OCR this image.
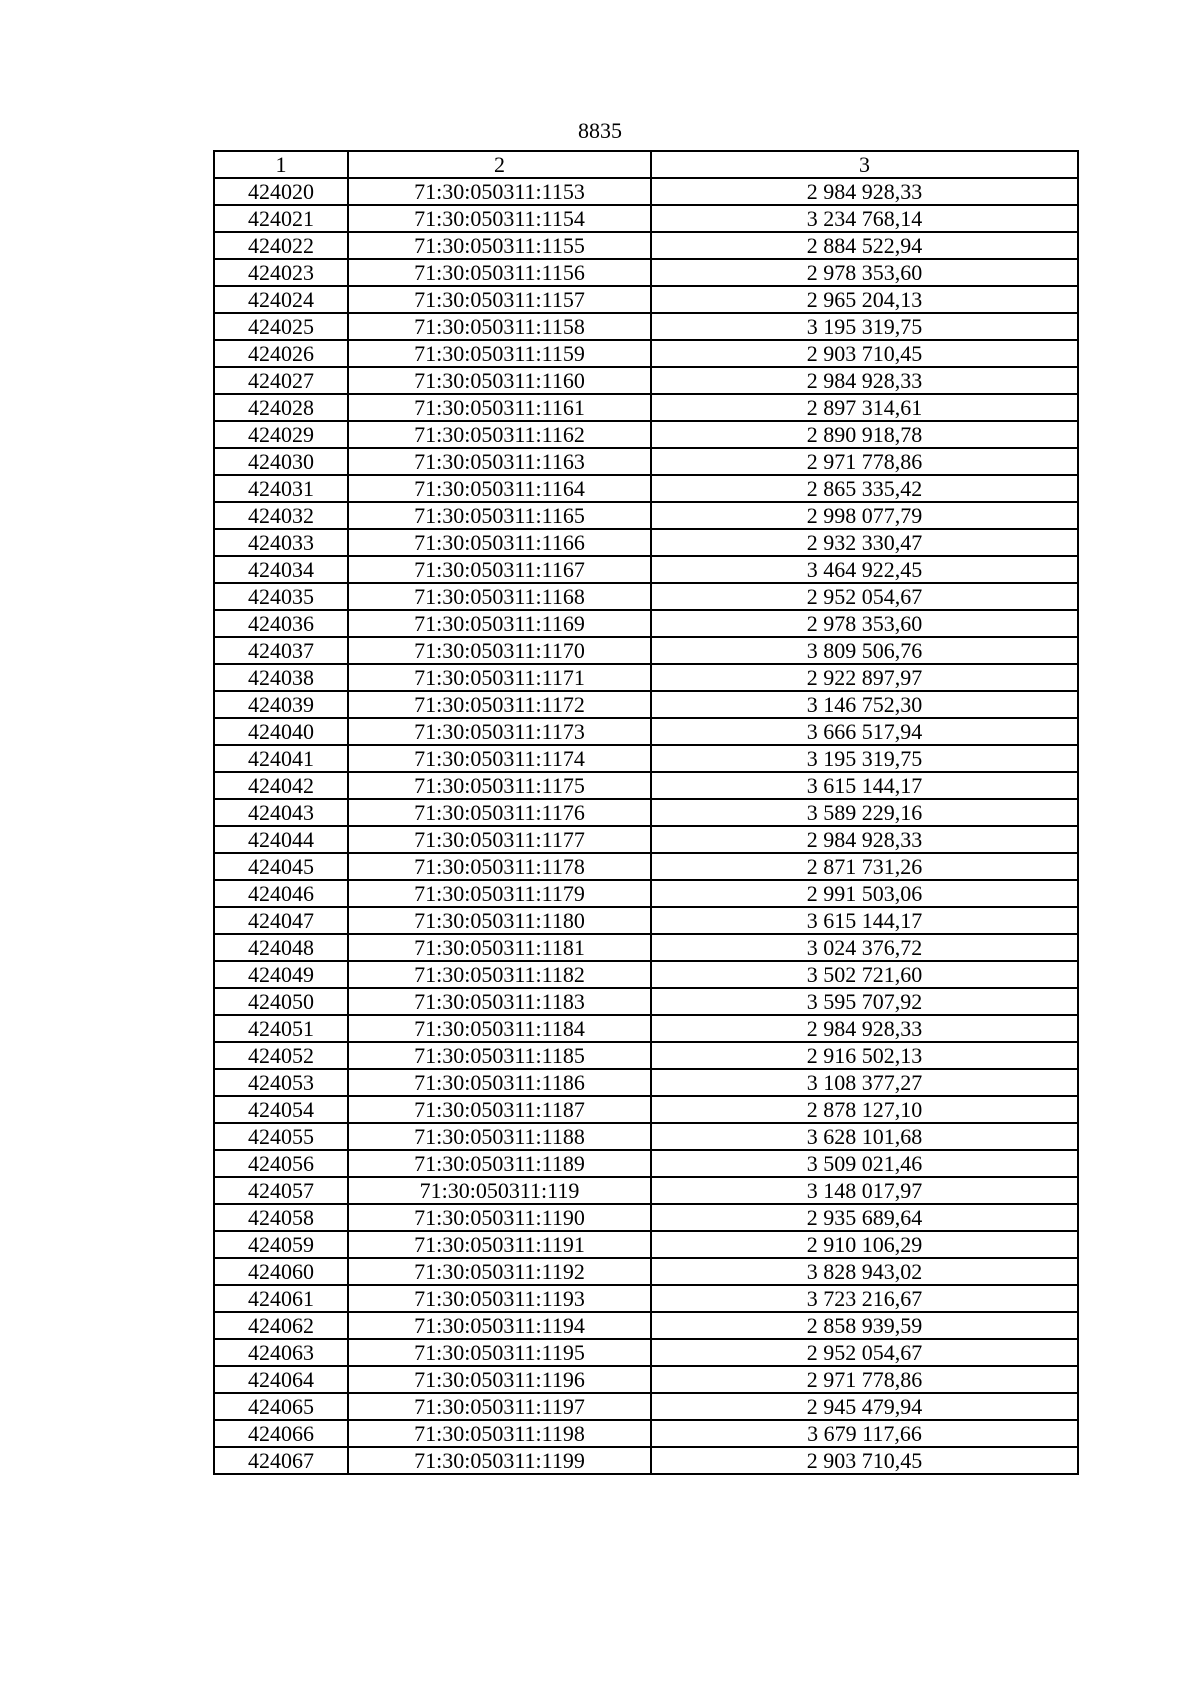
8835
1	2	3
424020	71:30:050311:1153	2 984 928,33
424021	71:30:050311:1154	3 234 768,14
424022	71:30:050311:1155	2 884 522,94
424023	71:30:050311:1156	2 978 353,60
424024	71:30:050311:1157	2 965 204,13
424025	71:30:050311:1158	3 195 319,75
424026	71:30:050311:1159	2 903 710,45
424027	71:30:050311:1160	2 984 928,33
424028	71:30:050311:1161	2 897 314,61
424029	71:30:050311:1162	2 890 918,78
424030	71:30:050311:1163	2 971 778,86
424031	71:30:050311:1164	2 865 335,42
424032	71:30:050311:1165	2 998 077,79
424033	71:30:050311:1166	2 932 330,47
424034	71:30:050311:1167	3 464 922,45
424035	71:30:050311:1168	2 952 054,67
424036	71:30:050311:1169	2 978 353,60
424037	71:30:050311:1170	3 809 506,76
424038	71:30:050311:1171	2 922 897,97
424039	71:30:050311:1172	3 146 752,30
424040	71:30:050311:1173	3 666 517,94
424041	71:30:050311:1174	3 195 319,75
424042	71:30:050311:1175	3 615 144,17
424043	71:30:050311:1176	3 589 229,16
424044	71:30:050311:1177	2 984 928,33
424045	71:30:050311:1178	2 871 731,26
424046	71:30:050311:1179	2 991 503,06
424047	71:30:050311:1180	3 615 144,17
424048	71:30:050311:1181	3 024 376,72
424049	71:30:050311:1182	3 502 721,60
424050	71:30:050311:1183	3 595 707,92
424051	71:30:050311:1184	2 984 928,33
424052	71:30:050311:1185	2 916 502,13
424053	71:30:050311:1186	3 108 377,27
424054	71:30:050311:1187	2 878 127,10
424055	71:30:050311:1188	3 628 101,68
424056	71:30:050311:1189	3 509 021,46
424057	71:30:050311:119	3 148 017,97
424058	71:30:050311:1190	2 935 689,64
424059	71:30:050311:1191	2 910 106,29
424060	71:30:050311:1192	3 828 943,02
424061	71:30:050311:1193	3 723 216,67
424062	71:30:050311:1194	2 858 939,59
424063	71:30:050311:1195	2 952 054,67
424064	71:30:050311:1196	2 971 778,86
424065	71:30:050311:1197	2 945 479,94
424066	71:30:050311:1198	3 679 117,66
424067	71:30:050311:1199	2 903 710,45
